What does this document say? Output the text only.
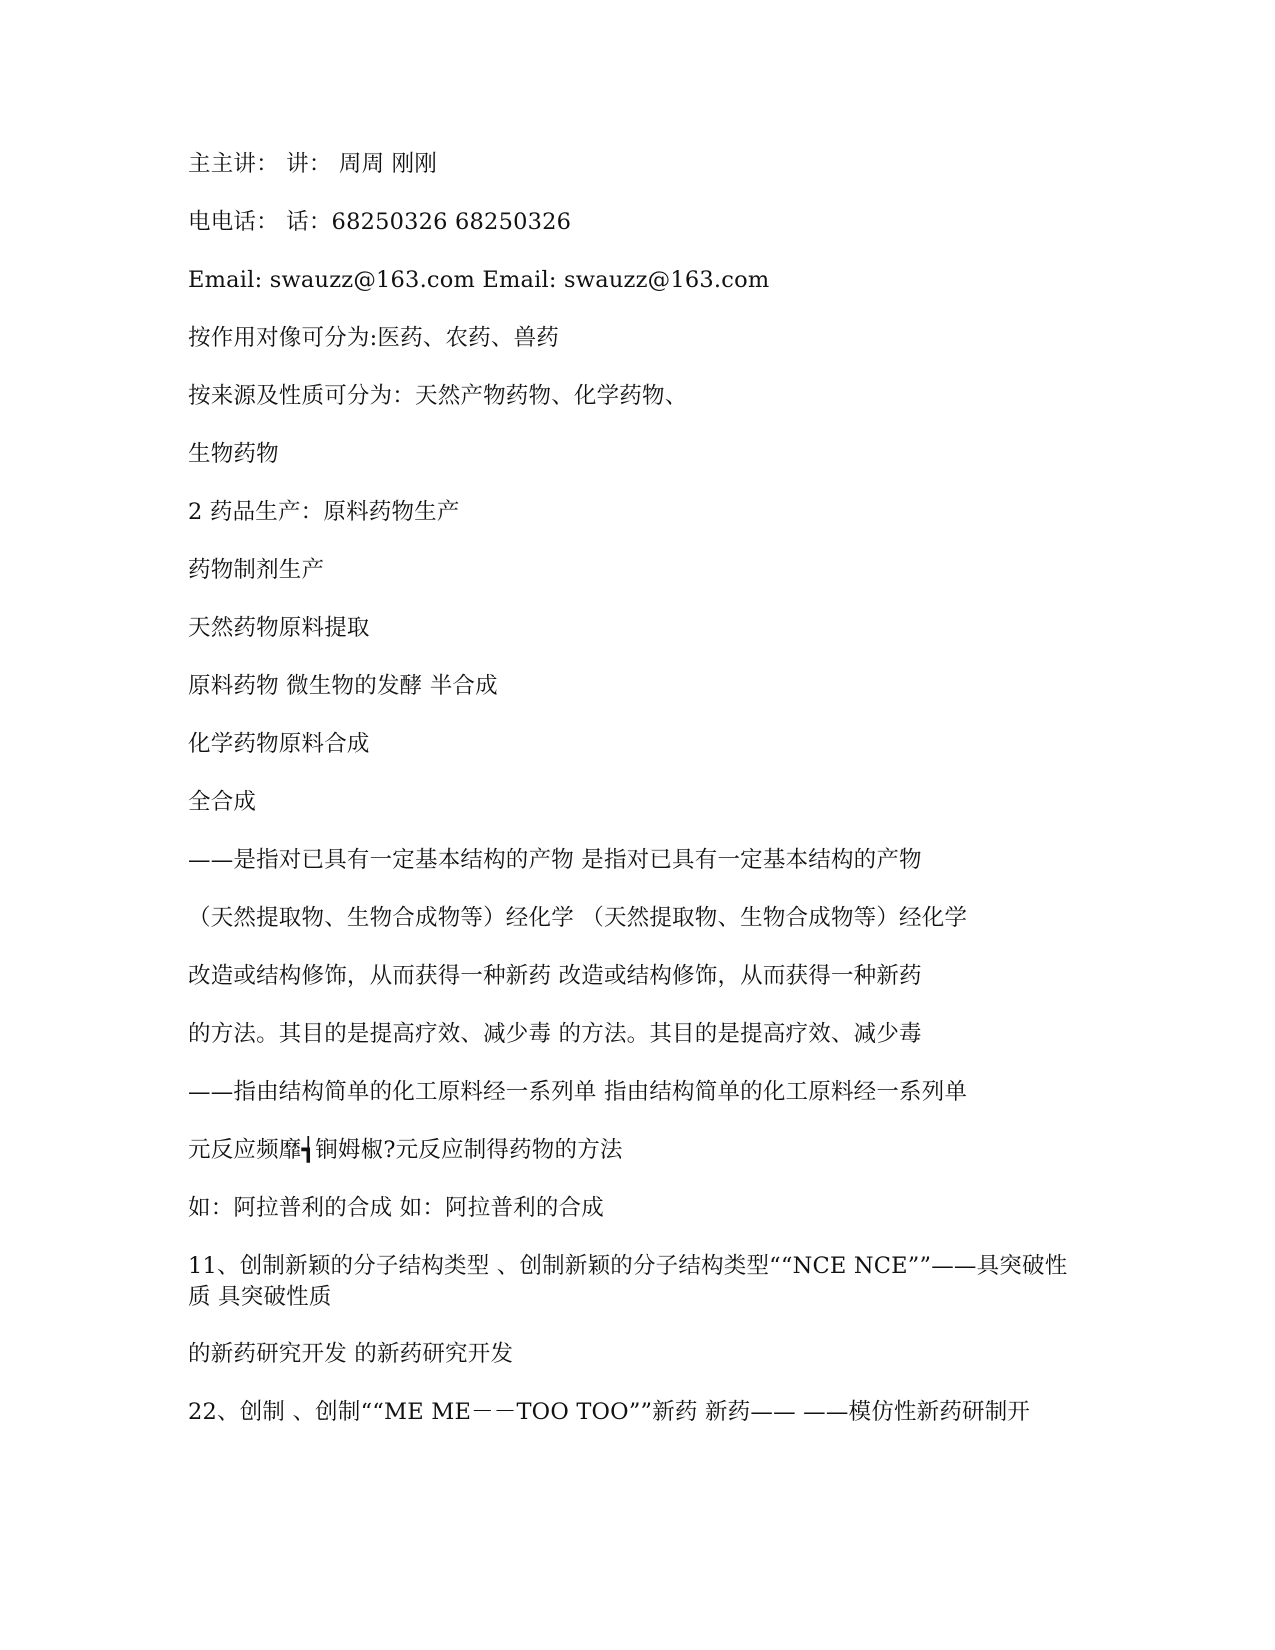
主主讲： 讲： 周周 刚刚
电电话： 话：68250326 68250326
Email: swauzz@163.com Email: swauzz@163.com
按作用对像可分为:医药、农药、兽药
按来源及性质可分为：天然产物药物、化学药物、
生物药物
2 药品生产：原料药物生产
药物制剂生产
天然药物原料提取
原料药物 微生物的发酵 半合成
化学药物原料合成
全合成
——是指对已具有一定基本结构的产物 是指对已具有一定基本结构的产物
（天然提取物、生物合成物等）经化学 （天然提取物、生物合成物等）经化学
改造或结构修饰，从而获得一种新药 改造或结构修饰，从而获得一种新药
的方法。其目的是提高疗效、减少毒 的方法。其目的是提高疗效、减少毒
——指由结构简单的化工原料经一系列单 指由结构简单的化工原料经一系列单
元反应频靡┪锏姆椒?元反应制得药物的方法
如：阿拉普利的合成 如：阿拉普利的合成
11、创制新颖的分子结构类型 、创制新颖的分子结构类型““NCE NCE””——具突破性质 具突破性质
的新药研究开发 的新药研究开发
22、创制 、创制““ME ME－－TOO TOO””新药 新药—— ——模仿性新药研制开
